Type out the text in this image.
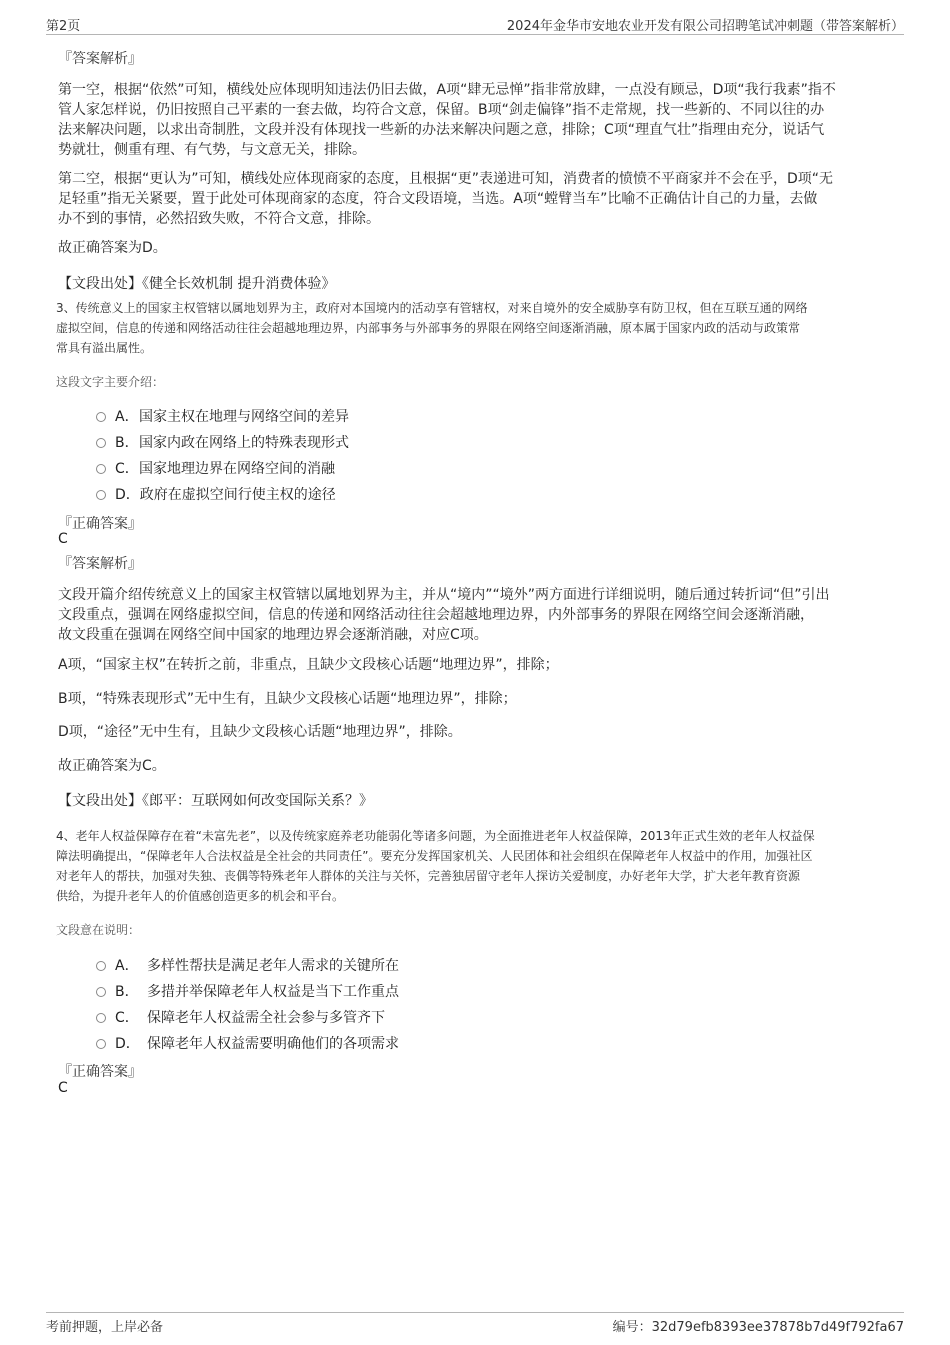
第2页	2024年金华市安地农业开发有限公司招聘笔试冲刺题（带答案解析）
『答案解析』
第一空，根据“依然”可知，横线处应体现明知违法仍旧去做，A项“肆无忌惮”指非常放肆，一点没有顾忌，D项“我行我素”指不
管人家怎样说，仍旧按照自己平素的一套去做，均符合文意，保留。B项“剑走偏锋”指不走常规，找一些新的、不同以往的办
法来解决问题，以求出奇制胜，文段并没有体现找一些新的办法来解决问题之意，排除；C项“理直气壮”指理由充分，说话气
势就壮，侧重有理、有气势，与文意无关，排除。
第二空，根据“更认为”可知，横线处应体现商家的态度，且根据“更”表递进可知，消费者的愤愤不平商家并不会在乎，D项“无
足轻重”指无关紧要，置于此处可体现商家的态度，符合文段语境，当选。A项“螳臂当车”比喻不正确估计自己的力量，去做
办不到的事情，必然招致失败，不符合文意，排除。
故正确答案为D。
【文段出处】《健全长效机制 提升消费体验》
3、传统意义上的国家主权管辖以属地划界为主，政府对本国境内的活动享有管辖权，对来自境外的安全威胁享有防卫权，但在互联互通的网络
虚拟空间，信息的传递和网络活动往往会超越地理边界，内部事务与外部事务的界限在网络空间逐渐消融，原本属于国家内政的活动与政策常
常具有溢出属性。
这段文字主要介绍：
A．国家主权在地理与网络空间的差异
B．国家内政在网络上的特殊表现形式
C．国家地理边界在网络空间的消融
D．政府在虚拟空间行使主权的途径
『正确答案』
C
『答案解析』
文段开篇介绍传统意义上的国家主权管辖以属地划界为主，并从“境内”“境外”两方面进行详细说明，随后通过转折词“但”引出
文段重点，强调在网络虚拟空间，信息的传递和网络活动往往会超越地理边界，内外部事务的界限在网络空间会逐渐消融，
故文段重在强调在网络空间中国家的地理边界会逐渐消融，对应C项。
A项，“国家主权”在转折之前，非重点，且缺少文段核心话题“地理边界”，排除；
B项，“特殊表现形式”无中生有，且缺少文段核心话题“地理边界”，排除；
D项，“途径”无中生有，且缺少文段核心话题“地理边界”，排除。
故正确答案为C。
【文段出处】《郎平：互联网如何改变国际关系？》
4、老年人权益保障存在着“未富先老”，以及传统家庭养老功能弱化等诸多问题，为全面推进老年人权益保障，2013年正式生效的老年人权益保
障法明确提出，“保障老年人合法权益是全社会的共同责任”。要充分发挥国家机关、人民团体和社会组织在保障老年人权益中的作用，加强社区
对老年人的帮扶，加强对失独、丧偶等特殊老年人群体的关注与关怀，完善独居留守老年人探访关爱制度，办好老年大学，扩大老年教育资源
供给，为提升老年人的价值感创造更多的机会和平台。
文段意在说明：
A． 多样性帮扶是满足老年人需求的关键所在
B． 多措并举保障老年人权益是当下工作重点
C． 保障老年人权益需全社会参与多管齐下
D． 保障老年人权益需要明确他们的各项需求
『正确答案』
C
考前押题，上岸必备	编号：32d79efb8393ee37878b7d49f792fa67
